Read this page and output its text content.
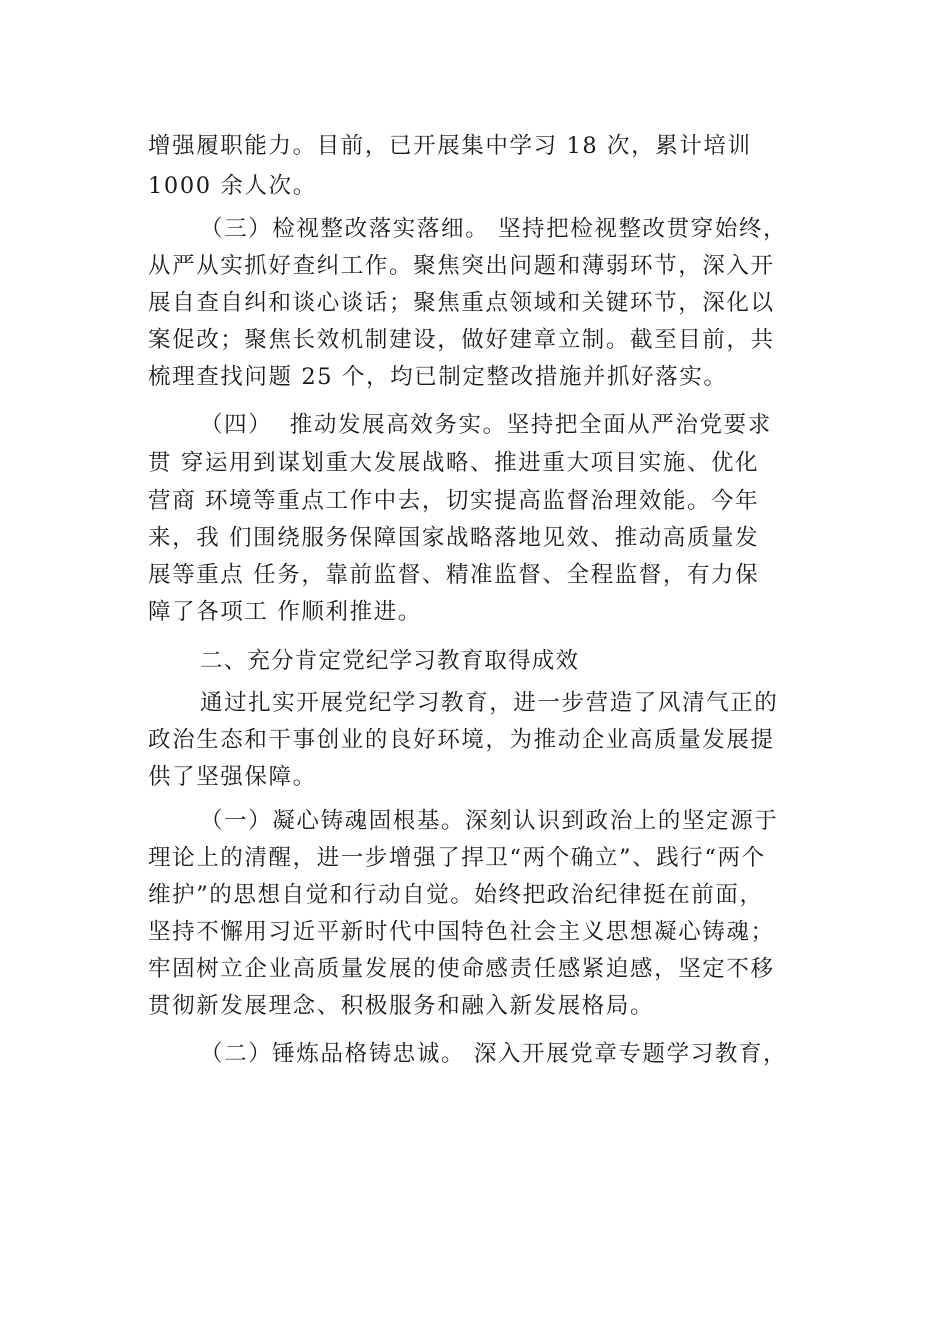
增强履职能力。目前，已开展集中学习 18 次，累计培训
1000 余人次。
（三）检视整改落实落细。 坚持把检视整改贯穿始终，
从严从实抓好查纠工作。聚焦突出问题和薄弱环节，深入开
展自查自纠和谈心谈话；聚焦重点领域和关键环节，深化以
案促改；聚焦长效机制建设，做好建章立制。截至目前，共
梳理查找问题 25 个，均已制定整改措施并抓好落实。
（四）  推动发展高效务实。坚持把全面从严治党要求
贯 穿运用到谋划重大发展战略、推进重大项目实施、优化
营商 环境等重点工作中去，切实提高监督治理效能。今年
来，我 们围绕服务保障国家战略落地见效、推动高质量发
展等重点 任务，靠前监督、精准监督、全程监督，有力保
障了各项工 作顺利推进。
二、充分肯定党纪学习教育取得成效
通过扎实开展党纪学习教育，进一步营造了风清气正的
政治生态和干事创业的良好环境，为推动企业高质量发展提
供了坚强保障。
（一）凝心铸魂固根基。深刻认识到政治上的坚定源于
理论上的清醒，进一步增强了捍卫“两个确立”、践行“两个
维护”的思想自觉和行动自觉。始终把政治纪律挺在前面，
坚持不懈用习近平新时代中国特色社会主义思想凝心铸魂；
牢固树立企业高质量发展的使命感责任感紧迫感，坚定不移
贯彻新发展理念、积极服务和融入新发展格局。
（二）锤炼品格铸忠诚。 深入开展党章专题学习教育，
